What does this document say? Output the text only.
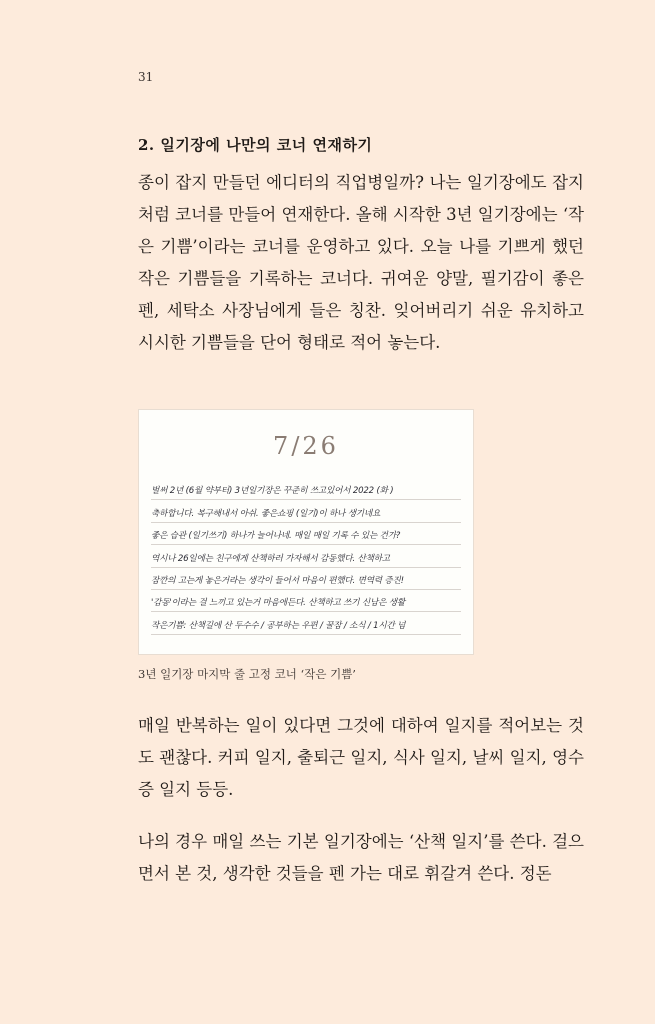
31
2. 일기장에 나만의 코너 연재하기

종이 잡지 만들던 에디터의 직업병일까? 나는 일기장에도 잡지처럼 코너를 만들어 연재한다. 올해 시작한 3년 일기장에는 ‘작은 기쁨’이라는 코너를 운영하고 있다. 오늘 나를 기쁘게 했던 작은 기쁨들을 기록하는 코너다. 귀여운 양말, 필기감이 좋은 펜, 세탁소 사장님에게 들은 칭찬. 잊어버리기 쉬운 유치하고 시시한 기쁨들을 단어 형태로 적어 놓는다.

7/26
벌써 2년 (6월 약부터) 3년일기장은 꾸준히 쓰고있어서 2022 (화 )
축하합니다. 복구해내서 아쉬. 좋은쇼핑 (일기)이 하나 생기네요
좋은 습관 (일기쓰기) 하나가 늘어나네. 매일 매일 기록 수 있는 건가?
역시나 26일에는 친구에게 산책하러 가자해서 감동했다. 산책하고
잠깐의 고는게 놓은거라는 생각이 들어서 마음이 편했다. 면역력 증진!
'감동'이라는 걸 느끼고 있는거 마음에든다. 산책하고 쓰기 신남은 생활
작은기쁨: 산책길에 산 두수수 / 공부하는 우편 / 꿀잠 / 소식 / 1시간 넘

3년 일기장 마지막 줄 고정 코너 ‘작은 기쁨’

매일 반복하는 일이 있다면 그것에 대하여 일지를 적어보는 것도 괜찮다. 커피 일지, 출퇴근 일지, 식사 일지, 날씨 일지, 영수증 일지 등등.

나의 경우 매일 쓰는 기본 일기장에는 ‘산책 일지’를 쓴다. 걸으면서 본 것, 생각한 것들을 펜 가는 대로 휘갈겨 쓴다. 정돈
